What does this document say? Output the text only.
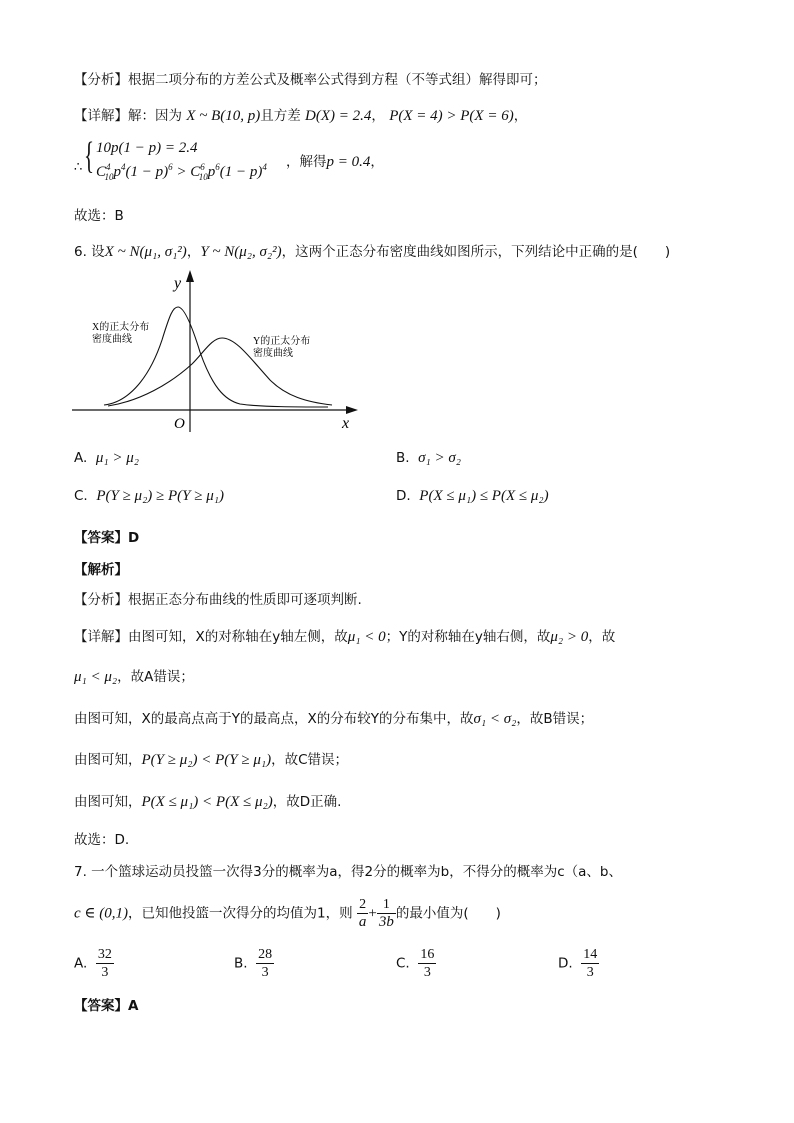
【分析】根据二项分布的方差公式及概率公式得到方程（不等式组）解得即可；
【详解】解：因为 X ~ B(10, p)且方差 D(X) = 2.4， P(X = 4) > P(X = 6)，
∴ { 10p(1 − p) = 2.4
$C^4_{10}p^4(1 - p)^6 > C^6_{10}p^6(1 - p)^4$ ，解得p = 0.4，
故选：B
6. 设X ~ N(μ₁, σ₁²)，Y ~ N(μ₂, σ₂²)，这两个正态分布密度曲线如图所示，下列结论中正确的是(　　)
y
x
O
X的正太分布
密度曲线	Y的正太分布
密度曲线
A. μ₁ > μ₂	B. σ₁ > σ₂
C. P(Y ≥ μ₂) ≥ P(Y ≥ μ₁)	D. P(X ≤ μ₁) ≤ P(X ≤ μ₂)
【答案】D
【解析】
【分析】根据正态分布曲线的性质即可逐项判断.
【详解】由图可知，X的对称轴在y轴左侧，故μ₁ < 0；Y的对称轴在y轴右侧，故μ₂ > 0，故
μ₁ < μ₂，故A错误；
由图可知，X的最高点高于Y的最高点，X的分布较Y的分布集中，故σ₁ < σ₂，故B错误；
由图可知，P(Y ≥ μ₂) < P(Y ≥ μ₁)，故C错误；
由图可知，P(X ≤ μ₁) < P(X ≤ μ₂)，故D正确.
故选：D.
7. 一个篮球运动员投篮一次得3分的概率为a，得2分的概率为b，不得分的概率为c（a、b、
c ∈ (0,1)，已知他投篮一次得分的均值为1，则 $\frac{2}{a} + \frac{1}{3b}$ 的最小值为(　　)
A. $\frac{32}{3}$	B. $\frac{28}{3}$	C. $\frac{16}{3}$	D. $\frac{14}{3}$
【答案】A
